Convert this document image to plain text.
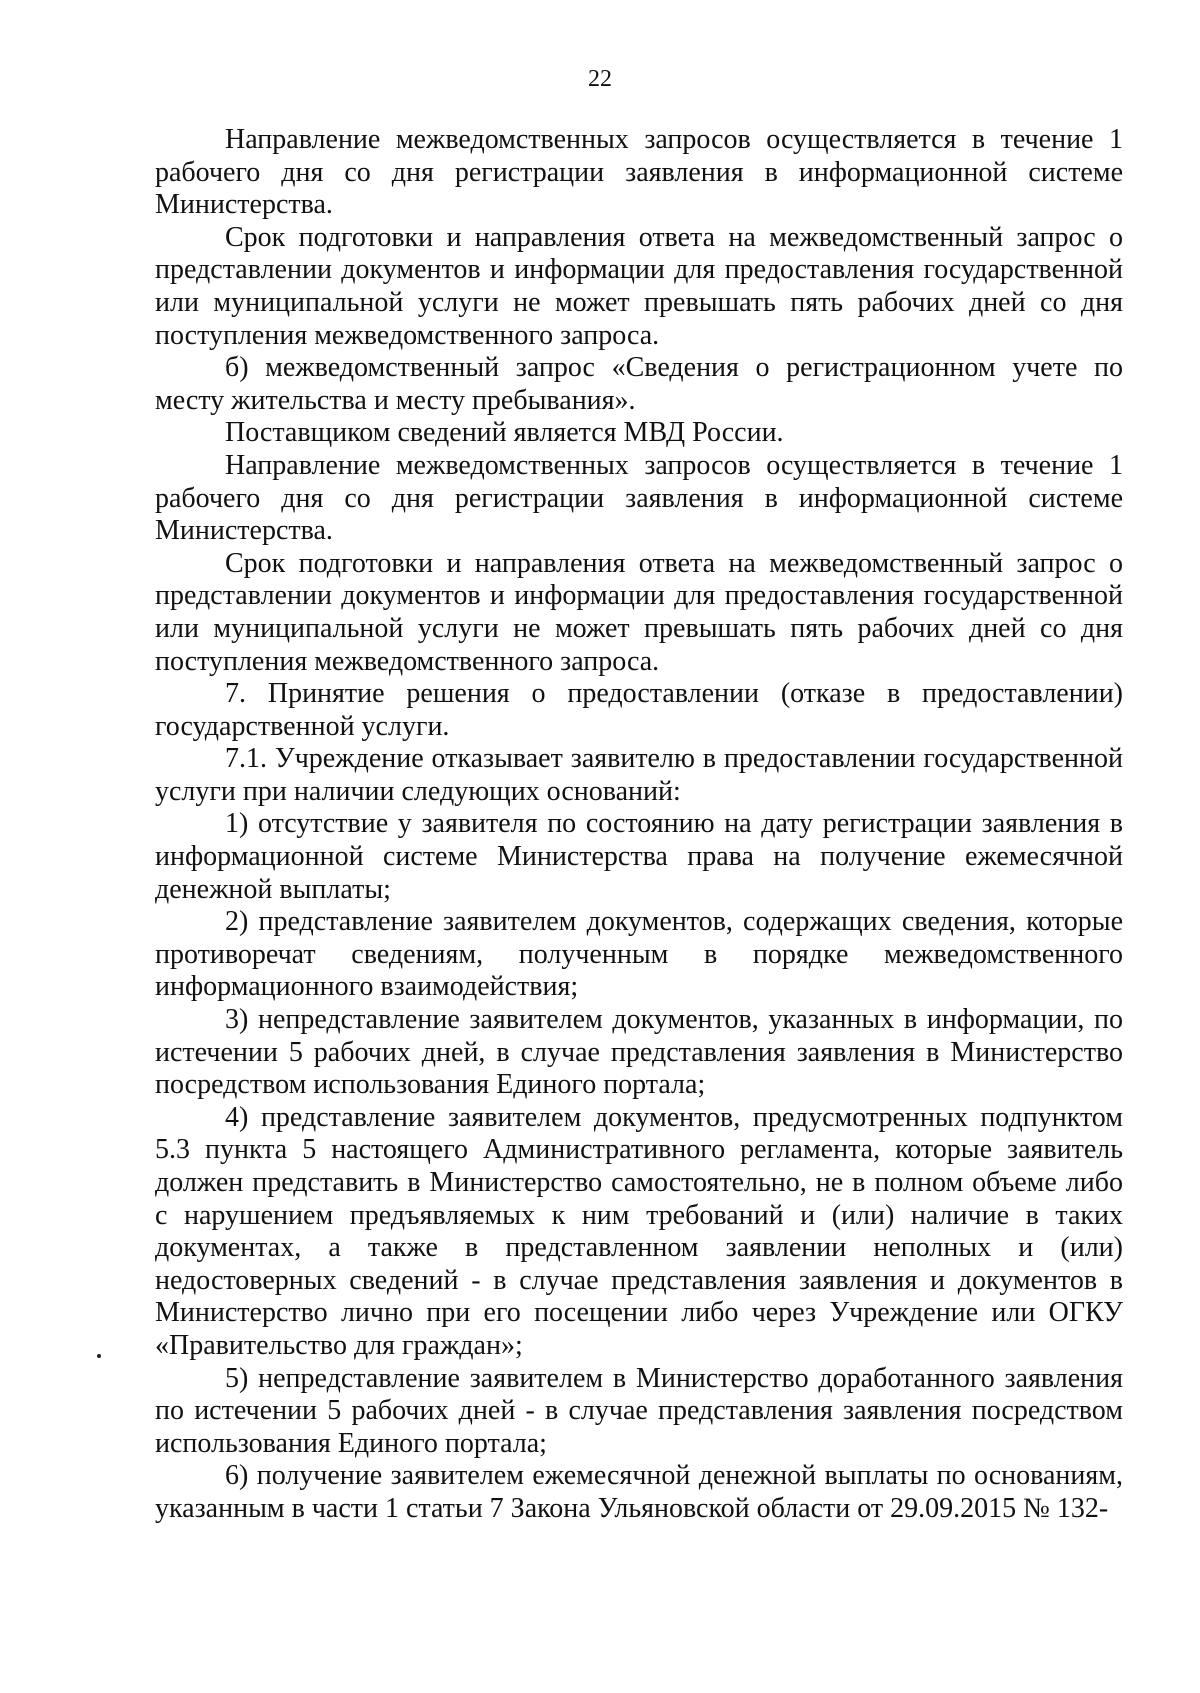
22

Направление межведомственных запросов осуществляется в течение 1 рабочего дня со дня регистрации заявления в информационной системе Министерства.

Срок подготовки и направления ответа на межведомственный запрос о представлении документов и информации для предоставления государственной или муниципальной услуги не может превышать пять рабочих дней со дня поступления межведомственного запроса.

б) межведомственный запрос «Сведения о регистрационном учете по месту жительства и месту пребывания».

Поставщиком сведений является МВД России.

Направление межведомственных запросов осуществляется в течение 1 рабочего дня со дня регистрации заявления в информационной системе Министерства.

Срок подготовки и направления ответа на межведомственный запрос о представлении документов и информации для предоставления государственной или муниципальной услуги не может превышать пять рабочих дней со дня поступления межведомственного запроса.

7. Принятие решения о предоставлении (отказе в предоставлении) государственной услуги.

7.1. Учреждение отказывает заявителю в предоставлении государственной услуги при наличии следующих оснований:

1) отсутствие у заявителя по состоянию на дату регистрации заявления в информационной системе Министерства права на получение ежемесячной денежной выплаты;

2) представление заявителем документов, содержащих сведения, которые противоречат сведениям, полученным в порядке межведомственного информационного взаимодействия;

3) непредставление заявителем документов, указанных в информации, по истечении 5 рабочих дней, в случае представления заявления в Министерство посредством использования Единого портала;

4) представление заявителем документов, предусмотренных подпунктом 5.3 пункта 5 настоящего Административного регламента, которые заявитель должен представить в Министерство самостоятельно, не в полном объеме либо с нарушением предъявляемых к ним требований и (или) наличие в таких документах, а также в представленном заявлении неполных и (или) недостоверных сведений - в случае представления заявления и документов в Министерство лично при его посещении либо через Учреждение или ОГКУ «Правительство для граждан»;

5) непредставление заявителем в Министерство доработанного заявления по истечении 5 рабочих дней - в случае представления заявления посредством использования Единого портала;

6) получение заявителем ежемесячной денежной выплаты по основаниям, указанным в части 1 статьи 7 Закона Ульяновской области от 29.09.2015 № 132-
